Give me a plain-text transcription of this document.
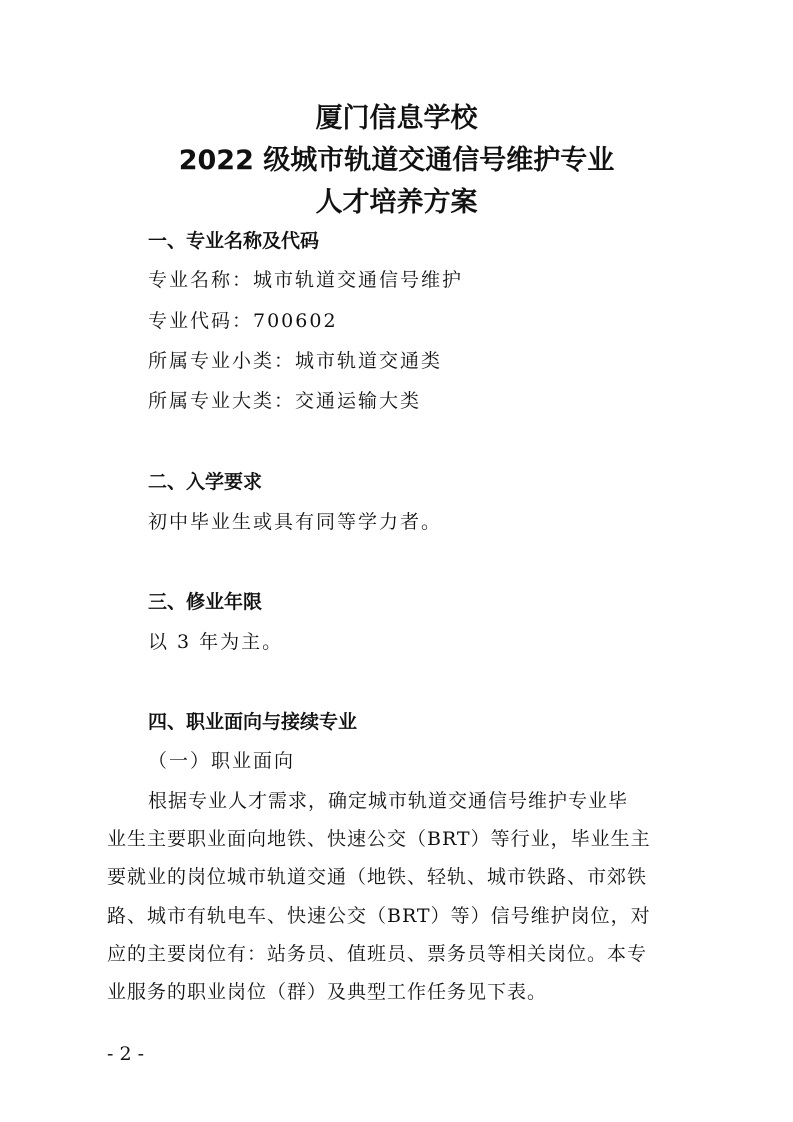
厦门信息学校
2022 级城市轨道交通信号维护专业
人才培养方案
一、专业名称及代码
专业名称：城市轨道交通信号维护
专业代码：700602
所属专业小类：城市轨道交通类
所属专业大类：交通运输大类
二、入学要求
初中毕业生或具有同等学力者。
三、修业年限
以 3 年为主。
四、职业面向与接续专业
（一）职业面向
根据专业人才需求，确定城市轨道交通信号维护专业毕
业生主要职业面向地铁、快速公交（BRT）等行业，毕业生主
要就业的岗位城市轨道交通（地铁、轻轨、城市铁路、市郊铁
路、城市有轨电车、快速公交（BRT）等）信号维护岗位，对
应的主要岗位有：站务员、值班员、票务员等相关岗位。本专
业服务的职业岗位（群）及典型工作任务见下表。
- 2 -
